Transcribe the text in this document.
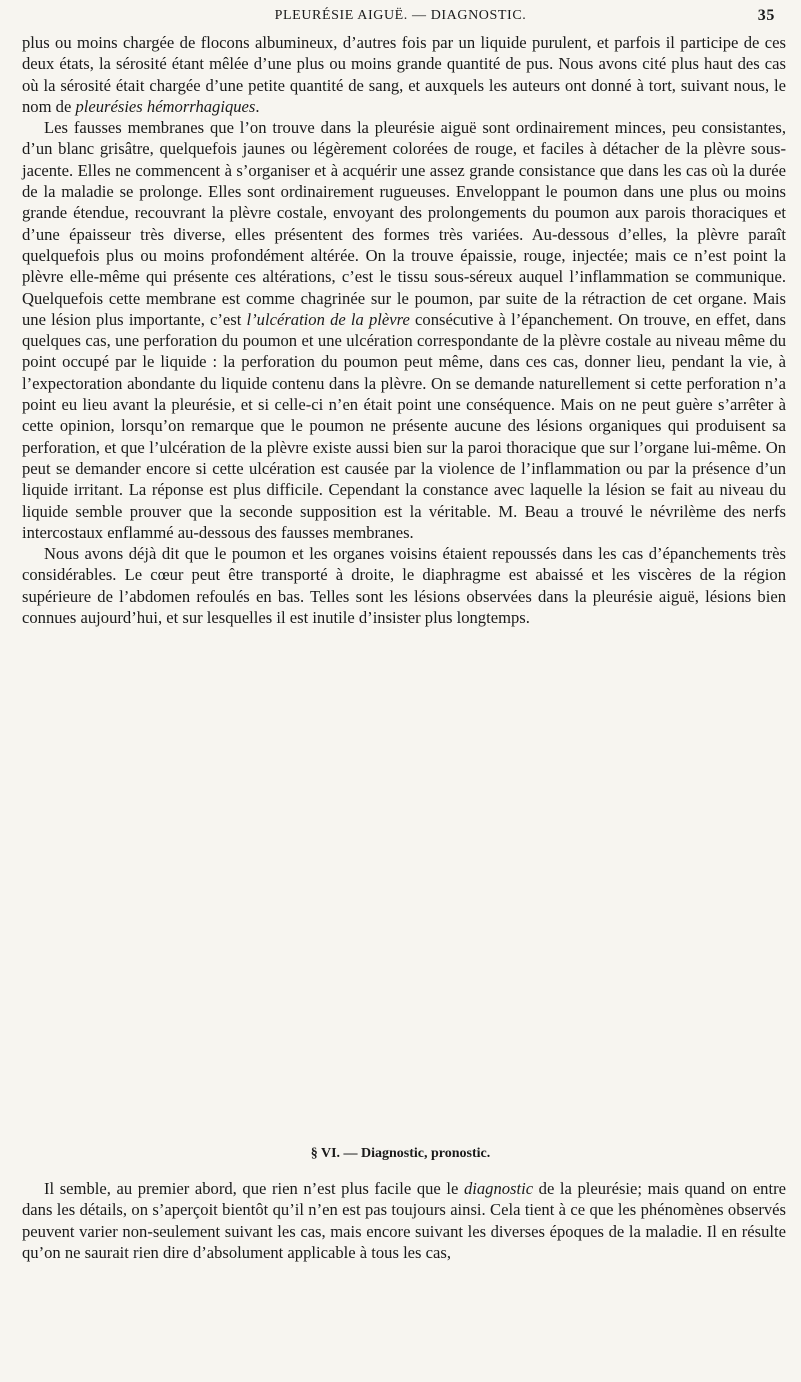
PLEURÉSIE AIGUË. — DIAGNOSTIC.	35

plus ou moins chargée de flocons albumineux, d’autres fois par un liquide purulent, et parfois il participe de ces deux états, la sérosité étant mêlée d’une plus ou moins grande quantité de pus. Nous avons cité plus haut des cas où la sérosité était chargée d’une petite quantité de sang, et auxquels les auteurs ont donné à tort, suivant nous, le nom de pleurésies hémorrhagiques.

Les fausses membranes que l’on trouve dans la pleurésie aiguë sont ordinairement minces, peu consistantes, d’un blanc grisâtre, quelquefois jaunes ou légèrement colorées de rouge, et faciles à détacher de la plèvre sous-jacente. Elles ne commencent à s’organiser et à acquérir une assez grande consistance que dans les cas où la durée de la maladie se prolonge. Elles sont ordinairement rugueuses. Enveloppant le poumon dans une plus ou moins grande étendue, recouvrant la plèvre costale, envoyant des prolongements du poumon aux parois thoraciques et d’une épaisseur très diverse, elles présentent des formes très variées. Au-dessous d’elles, la plèvre paraît quelquefois plus ou moins profondément altérée. On la trouve épaissie, rouge, injectée; mais ce n’est point la plèvre elle-même qui présente ces altérations, c’est le tissu sous-séreux auquel l’inflammation se communique. Quelquefois cette membrane est comme chagrinée sur le poumon, par suite de la rétraction de cet organe. Mais une lésion plus importante, c’est l’ulcération de la plèvre consécutive à l’épanchement. On trouve, en effet, dans quelques cas, une perforation du poumon et une ulcération correspondante de la plèvre costale au niveau même du point occupé par le liquide : la perforation du poumon peut même, dans ces cas, donner lieu, pendant la vie, à l’expectoration abondante du liquide contenu dans la plèvre. On se demande naturellement si cette perforation n’a point eu lieu avant la pleurésie, et si celle-ci n’en était point une conséquence. Mais on ne peut guère s’arrêter à cette opinion, lorsqu’on remarque que le poumon ne présente aucune des lésions organiques qui produisent sa perforation, et que l’ulcération de la plèvre existe aussi bien sur la paroi thoracique que sur l’organe lui-même. On peut se demander encore si cette ulcération est causée par la violence de l’inflammation ou par la présence d’un liquide irritant. La réponse est plus difficile. Cependant la constance avec laquelle la lésion se fait au niveau du liquide semble prouver que la seconde supposition est la véritable. M. Beau a trouvé le névrilème des nerfs intercostaux enflammé au-dessous des fausses membranes.

Nous avons déjà dit que le poumon et les organes voisins étaient repoussés dans les cas d’épanchements très considérables. Le cœur peut être transporté à droite, le diaphragme est abaissé et les viscères de la région supérieure de l’abdomen refoulés en bas. Telles sont les lésions observées dans la pleurésie aiguë, lésions bien connues aujourd’hui, et sur lesquelles il est inutile d’insister plus longtemps.

§ VI. — Diagnostic, pronostic.

Il semble, au premier abord, que rien n’est plus facile que le diagnostic de la pleurésie; mais quand on entre dans les détails, on s’aperçoit bientôt qu’il n’en est pas toujours ainsi. Cela tient à ce que les phénomènes observés peuvent varier non-seulement suivant les cas, mais encore suivant les diverses époques de la maladie. Il en résulte qu’on ne saurait rien dire d’absolument applicable à tous les cas,
